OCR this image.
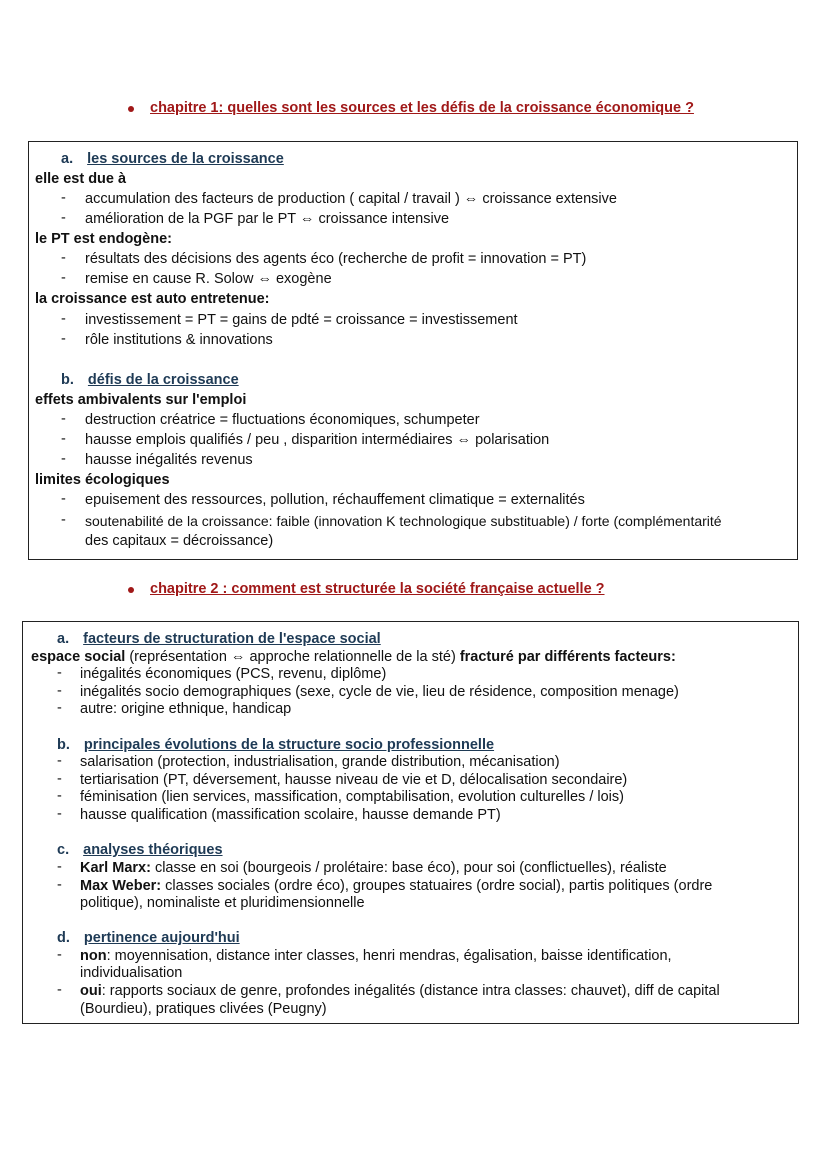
chapitre 1: quelles sont les sources et les défis de la croissance économique ?
a. les sources de la croissance
elle est due à
- accumulation des facteurs de production ( capital / travail ) ⇔ croissance extensive
- amélioration de la PGF par le PT ⇔ croissance intensive
le PT est endogène:
- résultats des décisions des agents éco (recherche de profit = innovation = PT)
- remise en cause R. Solow ⇔ exogène
la croissance est auto entretenue:
- investissement = PT = gains de pdté = croissance = investissement
- rôle institutions & innovations
b. défis de la croissance
effets ambivalents sur l'emploi
- destruction créatrice = fluctuations économiques, schumpeter
- hausse emplois qualifiés / peu , disparition intermédiaires ⇔ polarisation
- hausse inégalités revenus
limites écologiques
- epuisement des ressources, pollution, réchauffement climatique = externalités
- soutenabilité de la croissance: faible (innovation K technologique substituable) / forte (complémentarité
des capitaux = décroissance)
chapitre 2 : comment est structurée la société française actuelle ?
a. facteurs de structuration de l'espace social
espace social (représentation ⇔ approche relationnelle de la sté) fracturé par différents facteurs:
- inégalités économiques (PCS, revenu, diplôme)
- inégalités socio demographiques (sexe, cycle de vie, lieu de résidence, composition menage)
- autre: origine ethnique, handicap
b. principales évolutions de la structure socio professionnelle
- salarisation (protection, industrialisation, grande distribution, mécanisation)
- tertiarisation (PT, déversement, hausse niveau de vie et D, délocalisation secondaire)
- féminisation (lien services, massification, comptabilisation, evolution culturelles / lois)
- hausse qualification (massification scolaire, hausse demande PT)
c. analyses théoriques
- Karl Marx: classe en soi (bourgeois / prolétaire: base éco), pour soi (conflictuelles), réaliste
- Max Weber: classes sociales (ordre éco), groupes statuaires (ordre social), partis politiques (ordre
politique), nominaliste et pluridimensionnelle
d. pertinence aujourd'hui
- non: moyennisation, distance inter classes, henri mendras, égalisation, baisse identification,
individualisation
- oui: rapports sociaux de genre, profondes inégalités (distance intra classes: chauvet), diff de capital
(Bourdieu), pratiques clivées (Peugny)
